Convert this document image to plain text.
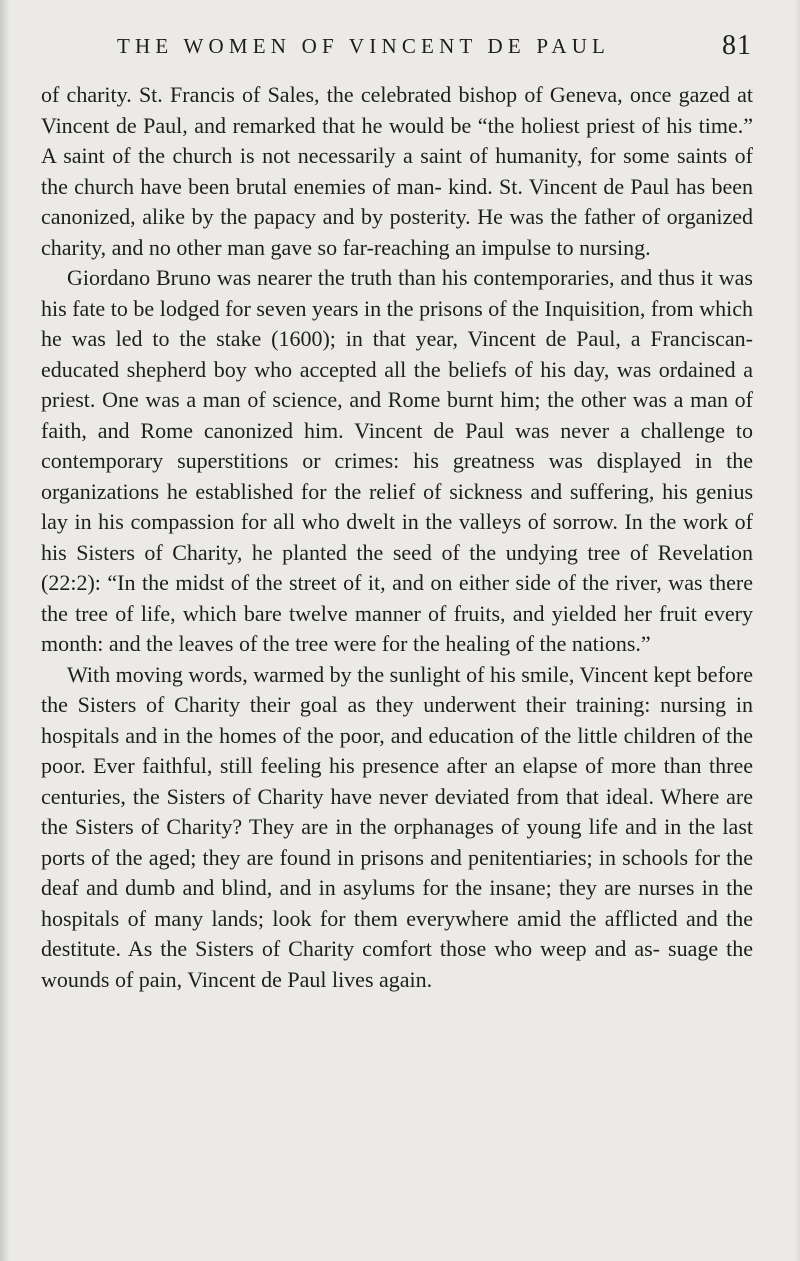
THE WOMEN OF VINCENT DE PAUL	81

of charity. St. Francis of Sales, the celebrated bishop of Geneva, once gazed at Vincent de Paul, and remarked that he would be “the holiest priest of his time.” A saint of the church is not necessarily a saint of humanity, for some saints of the church have been brutal enemies of man- kind. St. Vincent de Paul has been canonized, alike by the papacy and by posterity. He was the father of organized charity, and no other man gave so far-reaching an impulse to nursing.

Giordano Bruno was nearer the truth than his contemporaries, and thus it was his fate to be lodged for seven years in the prisons of the Inquisition, from which he was led to the stake (1600); in that year, Vincent de Paul, a Franciscan-educated shepherd boy who accepted all the beliefs of his day, was ordained a priest. One was a man of science, and Rome burnt him; the other was a man of faith, and Rome canonized him. Vincent de Paul was never a challenge to contemporary superstitions or crimes: his greatness was displayed in the organizations he established for the relief of sickness and suffering, his genius lay in his compassion for all who dwelt in the valleys of sorrow. In the work of his Sisters of Charity, he planted the seed of the undying tree of Revelation (22:2): “In the midst of the street of it, and on either side of the river, was there the tree of life, which bare twelve manner of fruits, and yielded her fruit every month: and the leaves of the tree were for the healing of the nations.”

With moving words, warmed by the sunlight of his smile, Vincent kept before the Sisters of Charity their goal as they underwent their training: nursing in hospitals and in the homes of the poor, and education of the little children of the poor. Ever faithful, still feeling his presence after an elapse of more than three centuries, the Sisters of Charity have never deviated from that ideal. Where are the Sisters of Charity? They are in the orphanages of young life and in the last ports of the aged; they are found in prisons and penitentiaries; in schools for the deaf and dumb and blind, and in asylums for the insane; they are nurses in the hospitals of many lands; look for them everywhere amid the afflicted and the destitute. As the Sisters of Charity comfort those who weep and as- suage the wounds of pain, Vincent de Paul lives again.
